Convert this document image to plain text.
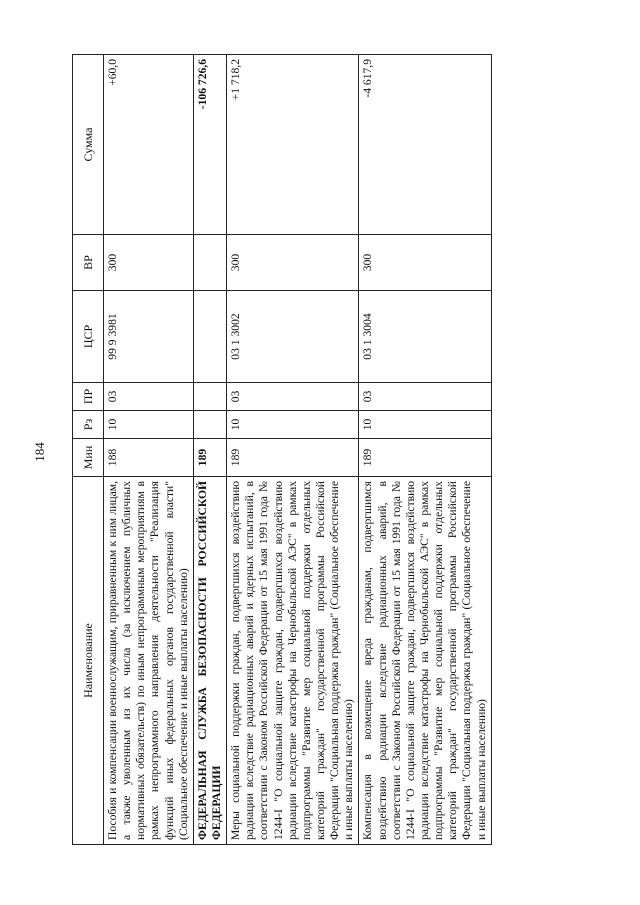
184
Наименование	Мин	Рз	ПР	ЦСР	ВР	Сумма
Пособия и компенсации военнослужащим, приравненным к ним лицам, а также уволенным из их числа (за исключением публичных нормативных обязательств) по иным непрограммным мероприятиям в рамках непрограммного направления деятельности "Реализация функций иных федеральных органов государственной власти" (Социальное обеспечение и иные выплаты населению)	188	10	03	99 9 3981	300	+60,0
ФЕДЕРАЛЬНАЯ СЛУЖБА БЕЗОПАСНОСТИ РОССИЙСКОЙ ФЕДЕРАЦИИ	189					-106 726,6
Меры социальной поддержки граждан, подвергшихся воздействию радиации вследствие радиационных аварий и ядерных испытаний, в соответствии с Законом Российской Федерации от 15 мая 1991 года № 1244-I "О социальной защите граждан, подвергшихся воздействию радиации вследствие катастрофы на Чернобыльской АЭС" в рамках подпрограммы "Развитие мер социальной поддержки отдельных категорий граждан" государственной программы Российской Федерации "Социальная поддержка граждан" (Социальное обеспечение и иные выплаты населению)	189	10	03	03 1 3002	300	+1 718,2
Компенсация в возмещение вреда гражданам, подвергшимся воздействию радиации вследствие радиационных аварий, в соответствии с Законом Российской Федерации от 15 мая 1991 года № 1244-I "О социальной защите граждан, подвергшихся воздействию радиации вследствие катастрофы на Чернобыльской АЭС" в рамках подпрограммы "Развитие мер социальной поддержки отдельных категорий граждан" государственной программы Российской Федерации "Социальная поддержка граждан" (Социальное обеспечение и иные выплаты населению)	189	10	03	03 1 3004	300	-4 617,9
